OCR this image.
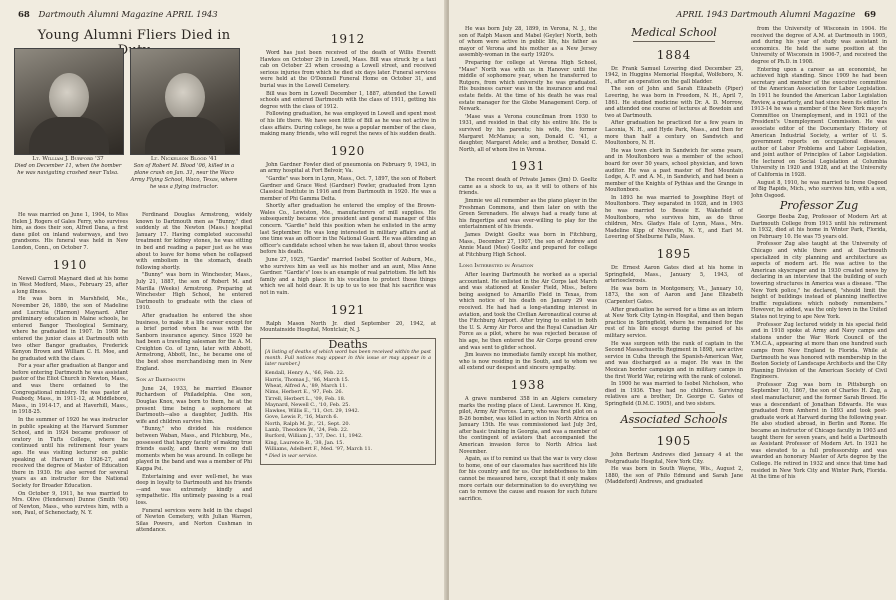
68 Dartmouth Alumni Magazine APRIL 1943
Young Alumni Fliers Died in
Lt. William J. Burford '37
Died on December 11, when the bomber he was navigating crashed near Tulsa.
Lt. Nickelson Blood '41
Son of Robert M. Blood '06, killed in a plane crash on Jan. 31, near the Waco Army Flying School, Waco, Texas, where he was a flying instructor.

He was married on June 1, 1904, to Miss Helen J. Rogers of Gales Ferry, who survives him, as does their son, Alfred Dana, a first dane pilot on inland waterways, and two grandsons. His funeral was held in New London, Conn., on October 7.

1910

Newell Carroll Maynard died at his home in West Medford, Mass., February 25, after a long illness.

He was born in Marshfield, Me., November 26, 1880, the son of Madeline and Lucretia (Harmon) Maynard. After preliminary education in Maine schools, he entered Bangor Theological Seminary, where he graduated in 1907. In 1908 he entered the junior class at Dartmouth with two other Bangor graduates, Frederick Kenyon Brown and William C. H. Moe, and he graduated with the class.

For a year after graduation at Bangor and before entering Dartmouth he was assistant pastor of the Eliot Church in Newton, Mass., and was there ordained to the Congregational ministry. He was pastor at Peabody, Mass., in 1911-12, at Middleboro, Mass., in 1914-17, and at Haverhill, Mass., in 1918-25.

In the summer of 1920 he was instructor in public speaking at the Harvard Summer School, and in 1924 became professor of oratory in Tufts College, where he continued until his retirement four years ago. He was visiting lecturer on public speaking at Harvard in 1926-27, and received the degree of Master of Education there in 1930. He also served for several years as an instructor for the National Society for Broader Education.

On October 9, 1911, he was married to Mrs. Olive (Henderson) Dunne (Smith '06) of Newton, Mass., who survives him, with a son, Paul, of Schenectady, N. Y.

Ferdinand Douglas Armstrong, widely known to Dartmouth men as "Bunny," died suddenly at the Newton (Mass.) hospital January 17. Having completed successful treatment for kidney stones, he was sitting in bed and reading a paper just as he was about to leave for home when he collapsed with embolism in the stomach, death following shortly.

"Bunny" was born in Winchester, Mass., July 21, 1887, the son of Robert M. and Marilla (Weeks) Armstrong. Preparing at Winchester High School, he entered Dartmouth to graduate with the class of 1910.

After graduation he entered the shoe business, to make it a life career except for a brief period when he was with the Sanborn insurance agency. Since 1920 he had been a traveling salesman for the A. M. Creighton Co. of Lynn, later with Abbott, Armstrong, Abbott, Inc., he became one of the best shoe merchandising men in New England.

Son at Dartmouth

June 24, 1933, he married Eleanor Richardson of Philadelphia. One son, Douglas Knox, was born to them, he at the present time being a sophomore at Dartmouth—also a daughter, Judith. His wife and children survive him.

"Bunny," who divided his residence between Waban, Mass., and Fitchburg, Me., possessed that happy faculty of making true friends easily, and there were no dull moments when he was around. In college he played in the band and was a member of Phi Kappa Psi.

Entertaining and ever well-met, he was deep in loyalty to Dartmouth and his friends—and was extremely kindly and sympathetic. His untimely passing is a real loss.

Funeral services were held in the chapel of Newton Cemetery, with Julian Warren, Silas Powers, and Norton Cushman in attendance.

1912

Word has just been received of the death of Willis Everett Hawkes on October 29 in Lowell, Mass. Bill was struck by a taxi cab on October 23 when crossing a Lowell street, and received serious injuries from which he died six days later. Funeral services were held at the O'Donnell Funeral Home on October 31, and burial was in the Lowell Cemetery.

Bill was born in Lowell December 1, 1887, attended the Lowell schools and entered Dartmouth with the class of 1911, getting his degree with the class of 1912.

Following graduation, he was employed in Lowell and spent most of his life there. We have seen little of Bill as he was not active in class affairs. During college, he was a popular member of the class, making many friends, who will regret the news of his sudden death.

1920

John Gardner Fowler died of pneumonia on February 9, 1943, in an army hospital at Fort Belvoir, Va.

"Gardie" was born in Lynn, Mass., Oct. 7, 1897, the son of Robert Gardner and Grace West (Gardner) Fowler, graduated from Lynn Classical Institute in 1916 and from Dartmouth in 1920. He was a member of Phi Gamma Delta.

Shortly after graduation he entered the employ of the Brown-Wales Co., Lewiston, Me., manufacturers of mill supplies. He subsequently became vice president and general manager of this concern. "Gardie" held this position when he enlisted in the army last September. He was long interested in military affairs and at one time was an officer in the National Guard. He was attending an officer's candidate school when he was taken ill, about three weeks before his death.

June 27, 1925, "Gardie" married Isobel Scotter of Auburn, Me., who survives him as well as his mother and an aunt, Miss Anne Gardner. "Gardie's" loss is an example of real patriotism. He left his family and a high place in his vocation to protect those things which we all hold dear. It is up to us to see that his sacrifice was not in vain.

1921

Ralph Mason North Jr. died September 20, 1942, at Mountainside Hospital, Montclair, N. J.

Deaths
[A listing of deaths of which word has been received within the past month. Full notices may appear in this issue or may appear in a later number.]
Kendall, Henry A., '66, Feb. 22.
Harris, Thomas J., '86, March 15.
Wheat, Alfred A., '89, March 11.
Nims, Herbert E., '97, Feb. 26.
Tirrell, Herbert L., '09, Feb. 18.
Maynard, Newell C., '10, Feb. 25.
Hawkes, Willis E., '11, Oct. 29, 1942.
Gove, Lewis P., '16, March 6.
North, Ralph M. Jr., '21, Sept. 20.
Lamb, Theodore W., '24, Feb. 22.
Burford, William J., '37, Dec. 11, 1942.
King, Laurence B., '38, Jan. 15.
Williams, Adelbert F., Med. '97, March 11.
* Died in war service.
APRIL 1943 Dartmouth Alumni Magazine 69

He was born July 28, 1899, in Verona, N. J., the son of Ralph Mason and Mabel (Geyler) North, both of whom were active in public life, his father as mayor of Verona and his mother as a New Jersey assembly-woman in the early 1920's.

Preparing for college at Verona High School, "Mase" North was with us in Hanover until the middle of sophomore year, when he transferred to Rutgers, from which university he was graduated. His business career was in the insurance and real estate fields. At the time of his death he was real estate manager for the Globe Management Corp. of Newark.

'Mase was a Verona councilman from 1930 to 1931, and resided in that city his entire life. He is survived by his parents; his wife, the former Margaret McManus; a son, Donald C. '41, a daughter, Margaret Adele; and a brother, Donald C. North, all of whom live in Verona.

1931

The recent death of Private James (Jim) D. Goeltz came as a shock to us, as it will to others of his friends.

Jimmie we all remember as the piano player in the Freshman Commons, and then later on with the Green Serenaders. He always had a ready tune at his fingertips and was ever-willing to play for the entertainment of his friends.

James Dwight Goeltz was born in Fitchburg, Mass., December 27, 1907, the son of Andrew and Annie Maud (Mee) Goeltz and prepared for college at Fitchburg High School.

Long Interested in Aviation

After leaving Dartmouth he worked as a special accountant. He enlisted in the Air Corps last March and was stationed at Kessler Field, Miss., before being assigned to Amarillo Field in Texas, from which notice of his death on January 29 was received. He had had a long-standing interest in aviation, and took the Civilian Aeronautical course at the Fitchburg Airport. After trying to enlist in both the U. S. Army Air Force and the Royal Canadian Air Force as a pilot, where he was rejected because of his age, he then entered the Air Corps ground crew and was sent to glider school.

Jim leaves no immediate family except his mother, who is now residing in the South, and to whom we all extend our deepest and sincere sympathy.

1938

A grave numbered 358 in an Algiers cemetery marks the resting place of Lieut. Lawrence H. King, pilot, Army Air Forces. Larry, who was first pilot on a B-26 bomber, was killed in action in North Africa on January 15th. He was commissioned last July 3rd, after basic training in Georgia, and was a member of the contingent of aviators that accompanied the American invasion force to North Africa last November.

Again, as if to remind us that the war is very close to home, one of our classmates has sacrificed his life for his country and for us. Our indebtedness to him cannot be measured here, except that it only makes more certain our determination to do everything we can to remove the cause and reason for such future sacrifice.

Medical School
1884

Dr. Frank Samuel Lovering died December 25, 1942, in Huggins Memorial Hospital, Wolfeboro, N. H., after an operation on the gall bladder.

The son of John and Sarah Elizabeth (Piper) Lovering, he was born in Freedom, N. H., April 7, 1861. He studied medicine with Dr. A. D. Morrow, and attended one course of lectures at Bowdoin and two at Dartmouth.

After graduation he practiced for a few years in Laconia, N. H., and Hyde Park, Mass., and then for more than half a century on Sandwich and Moultonboro, N. H.

He was town clerk in Sandwich for some years, and in Moultonboro was a member of the school board for over 50 years, school physician, and town auditor. He was a past master of Red Mountain Lodge, A. F. and A. M., in Sandwich, and had been a member of the Knights of Pythias and the Grange in Moultonboro.

In 1893 he was married to Josephine Hoyt of Moultonboro. They separated in 1928, and in 1903 he was married to Bessie E. Wakefield of Moultonboro, who survives him, as do three children, Mrs. Gladys Hale of Lynn, Mass., Mrs. Madeline Kipp of Niverville, N. Y., and Earl M. Lovering of Shelburne Falls, Mass.

1895

Dr. Ernest Aaron Gates died at his home in Springfield, Mass., January 5, 1943, of arteriosclerosis.

He was born in Montgomery, Vt., January 10, 1873, the son of Aaron and Jane Elizabeth (Carpenter) Gates.

After graduation he served for a time as an intern at New York City Lying-in Hospital, and then began practice in Springfield, where he remained for the rest of his life except during the period of his military service.

He was surgeon with the rank of captain in the Second Massachusetts Regiment in 1898, saw active service in Cuba through the Spanish-American War, and was discharged as a major. He was in the Mexican border campaign and in military camps in the first World War, retiring with the rank of colonel.

In 1900 he was married to Isobel Nicholson, who died in 1936. They had no children. Surviving relatives are a brother, Dr. George C. Gates of Springfield (D.M.C. 1905), and two sisters.

Associated Schools
1905

John Bertram Andrews died January 4 at the Postgraduate Hospital, New York City.

He was born in South Wayne, Wis., August 2, 1880, the son of Philo Edmund and Sarah Jane (Maddeford) Andrews, and graduated

from the University of Wisconsin in 1904. He received the degree of A.M. at Dartmouth in 1905, and during his year of study was assistant in economics. He held the same position at the University of Wisconsin in 1906-7, and received the degree of Ph.D. in 1908.

Entering upon a career as an economist, he achieved high standing. Since 1909 he had been secretary and member of the executive committee of the American Association for Labor Legislation. In 1911 he founded the American Labor Legislation Review, a quarterly, and had since been its editor. In 1913-14 he was a member of the New York mayor's Committee on Unemployment, and in 1921 of the President's Unemployment Commission. He was associate editor of the Documentary History of American Industrial Society, a writer of U. S. government reports on occupational diseases, author of Labor Problems and Labor Legislation, and joint author of Principles of Labor Legislation. He lectured on Social Legislation at Columbia University in 1920 and 1928, and at the University of California in 1928.

August 8, 1910, he was married to Irene Osgood of Big Rapids, Mich., who survives him, with a son, John Osgood.

Professor Zug

George Beeba Zug, Professor of Modern Art at Dartmouth College from 1913 until his retirement in 1932, died at his home in Winter Park, Florida, on February 10. He was 75 years old.

Professor Zug also taught at the University of Chicago and while there and at Dartmouth specialized in city planning and architecture as aspects of modern art. He was active to the American skyscraper and in 1930 created news by declaring in an interview that the building of such towering structures in America was a disease. "The New York police," he declared, "should limit the height of buildings instead of planning ineffective traffic regulations which nobody remembers." However, he added, was the only town in the United States not trying to ape New York.

Professor Zug lectured widely in his special field and in 1918 spoke at Army and Navy camps and stations under the War Work Council of the Y.M.C.A., appearing at more than one hundred such camps from New England to Florida. While at Dartmouth he was honored with membership in the Boston Society of Landscape Architects and the City Planning Division of the American Society of Civil Engineers.

Professor Zug was born in Pittsburgh on September 10, 1867, the son of Charles H. Zug, a steel manufacturer, and the former Sarah Breed. He was a descendant of Jonathan Edwards. He was graduated from Amherst in 1893 and took post-graduate work at Harvard during the following year. He also studied abroad, in Berlin and Rome. He became an instructor of Chicago faculty in 1903 and taught there for seven years, and held a Dartmouth as Assistant Professor of Modern Art. In 1921 he was elevated to a full professorship and was awarded an honorary Master of Arts degree by the College. He retired in 1932 and since that time had resided in New York City and Winter Park, Florida. At the time of his
